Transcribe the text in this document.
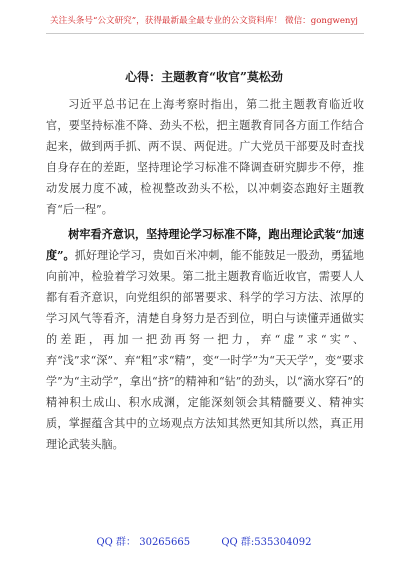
关注头条号“公文研究”，获得最新最全最专业的公文资料库！ 微信：gongwenyj
心得：主题教育“收官”莫松劲

习近平总书记在上海考察时指出，第二批主题教育临近收官，要坚持标准不降、劲头不松，把主题教育同各方面工作结合起来，做到两手抓、两不误、两促进。广大党员干部要及时查找自身存在的差距，坚持理论学习标准不降调查研究脚步不停，推动发展力度不减，检视整改劲头不松，以冲刺姿态跑好主题教育“后一程”。

树牢看齐意识，坚持理论学习标准不降，跑出理论武装“加速度”。抓好理论学习，贵如百米冲刺，能不能鼓足一股劲，勇猛地向前冲，检验着学习效果。第二批主题教育临近收官，需要人人都有看齐意识，向党组织的部署要求、科学的学习方法、浓厚的学习风气等看齐，清楚自身努力是否到位，明白与读懂弄通做实的差距，再加一把劲再努一把力，弃“虚”求“实”、弃“浅”求“深”、弃“粗”求“精”，变“一时学”为“天天学”，变“要求学”为“主动学”，拿出“挤”的精神和“钻”的劲头，以“滴水穿石”的精神积土成山、积水成渊，定能深刻领会其精髓要义、精神实质，掌握蕴含其中的立场观点方法知其然更知其所以然，真正用理论武装头脑。

QQ 群： 30265665	QQ 群:535304092
